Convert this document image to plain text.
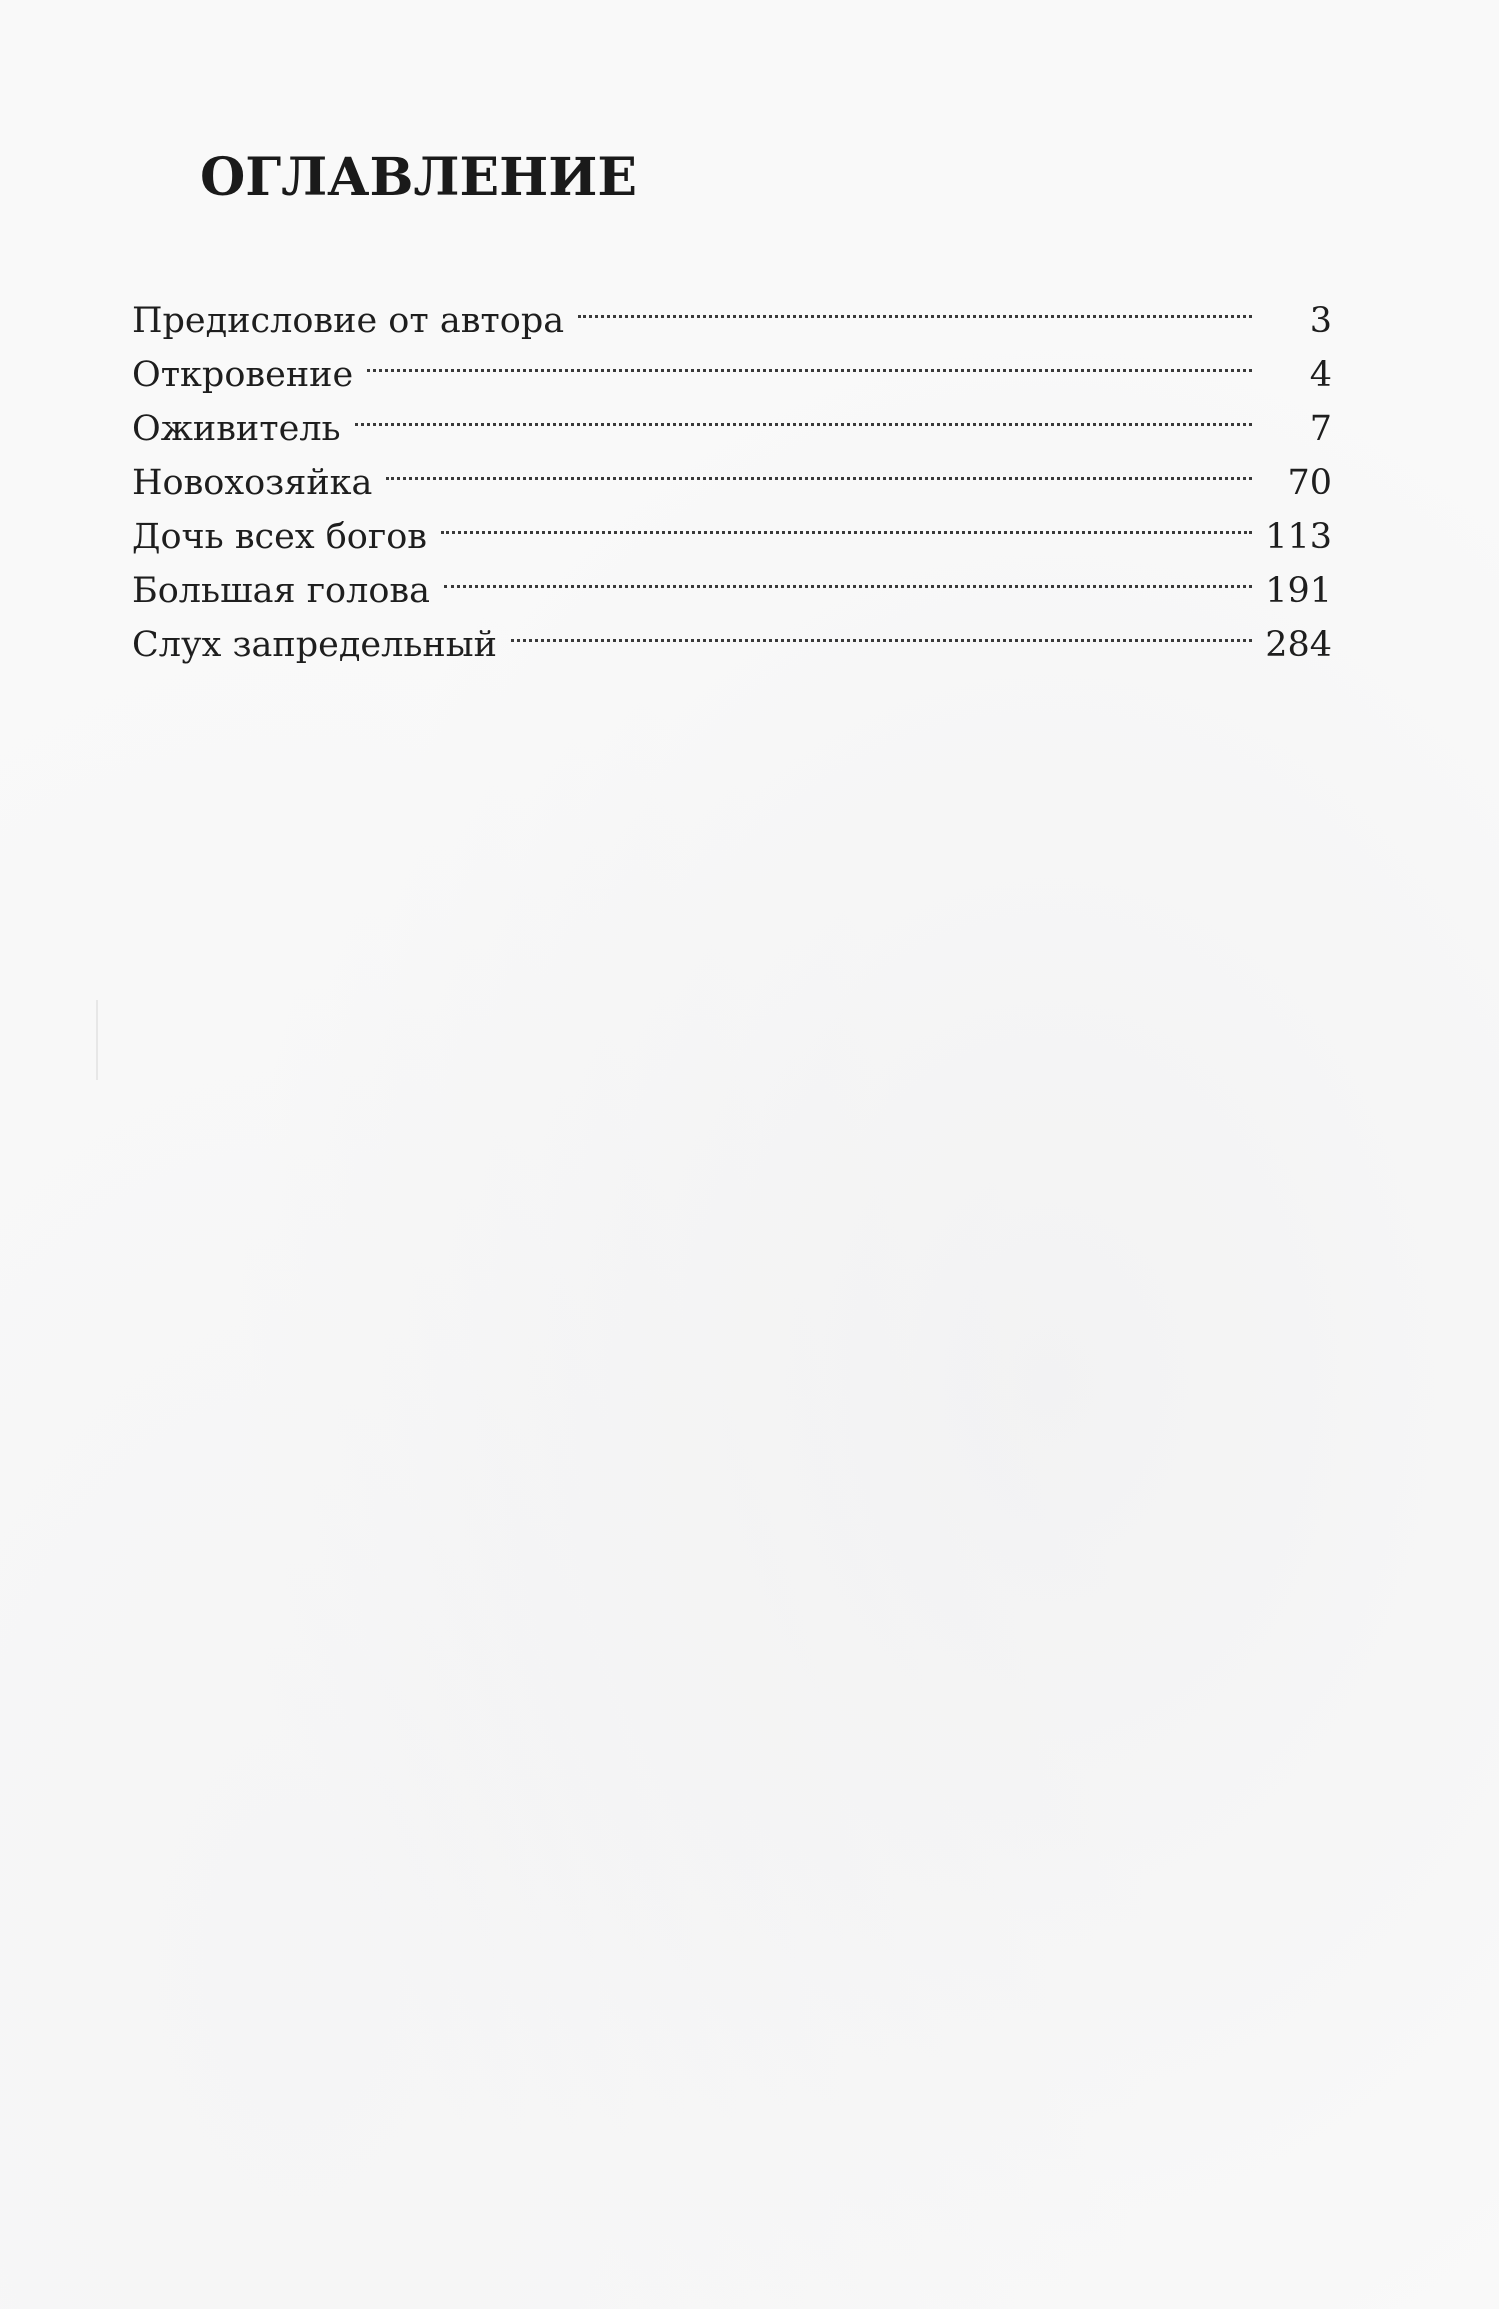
ОГЛАВЛЕНИЕ
Предисловие от автора	3
Откровение	4
Оживитель	7
Новохозяйка	70
Дочь всех богов	113
Большая голова	191
Слух запредельный	284
